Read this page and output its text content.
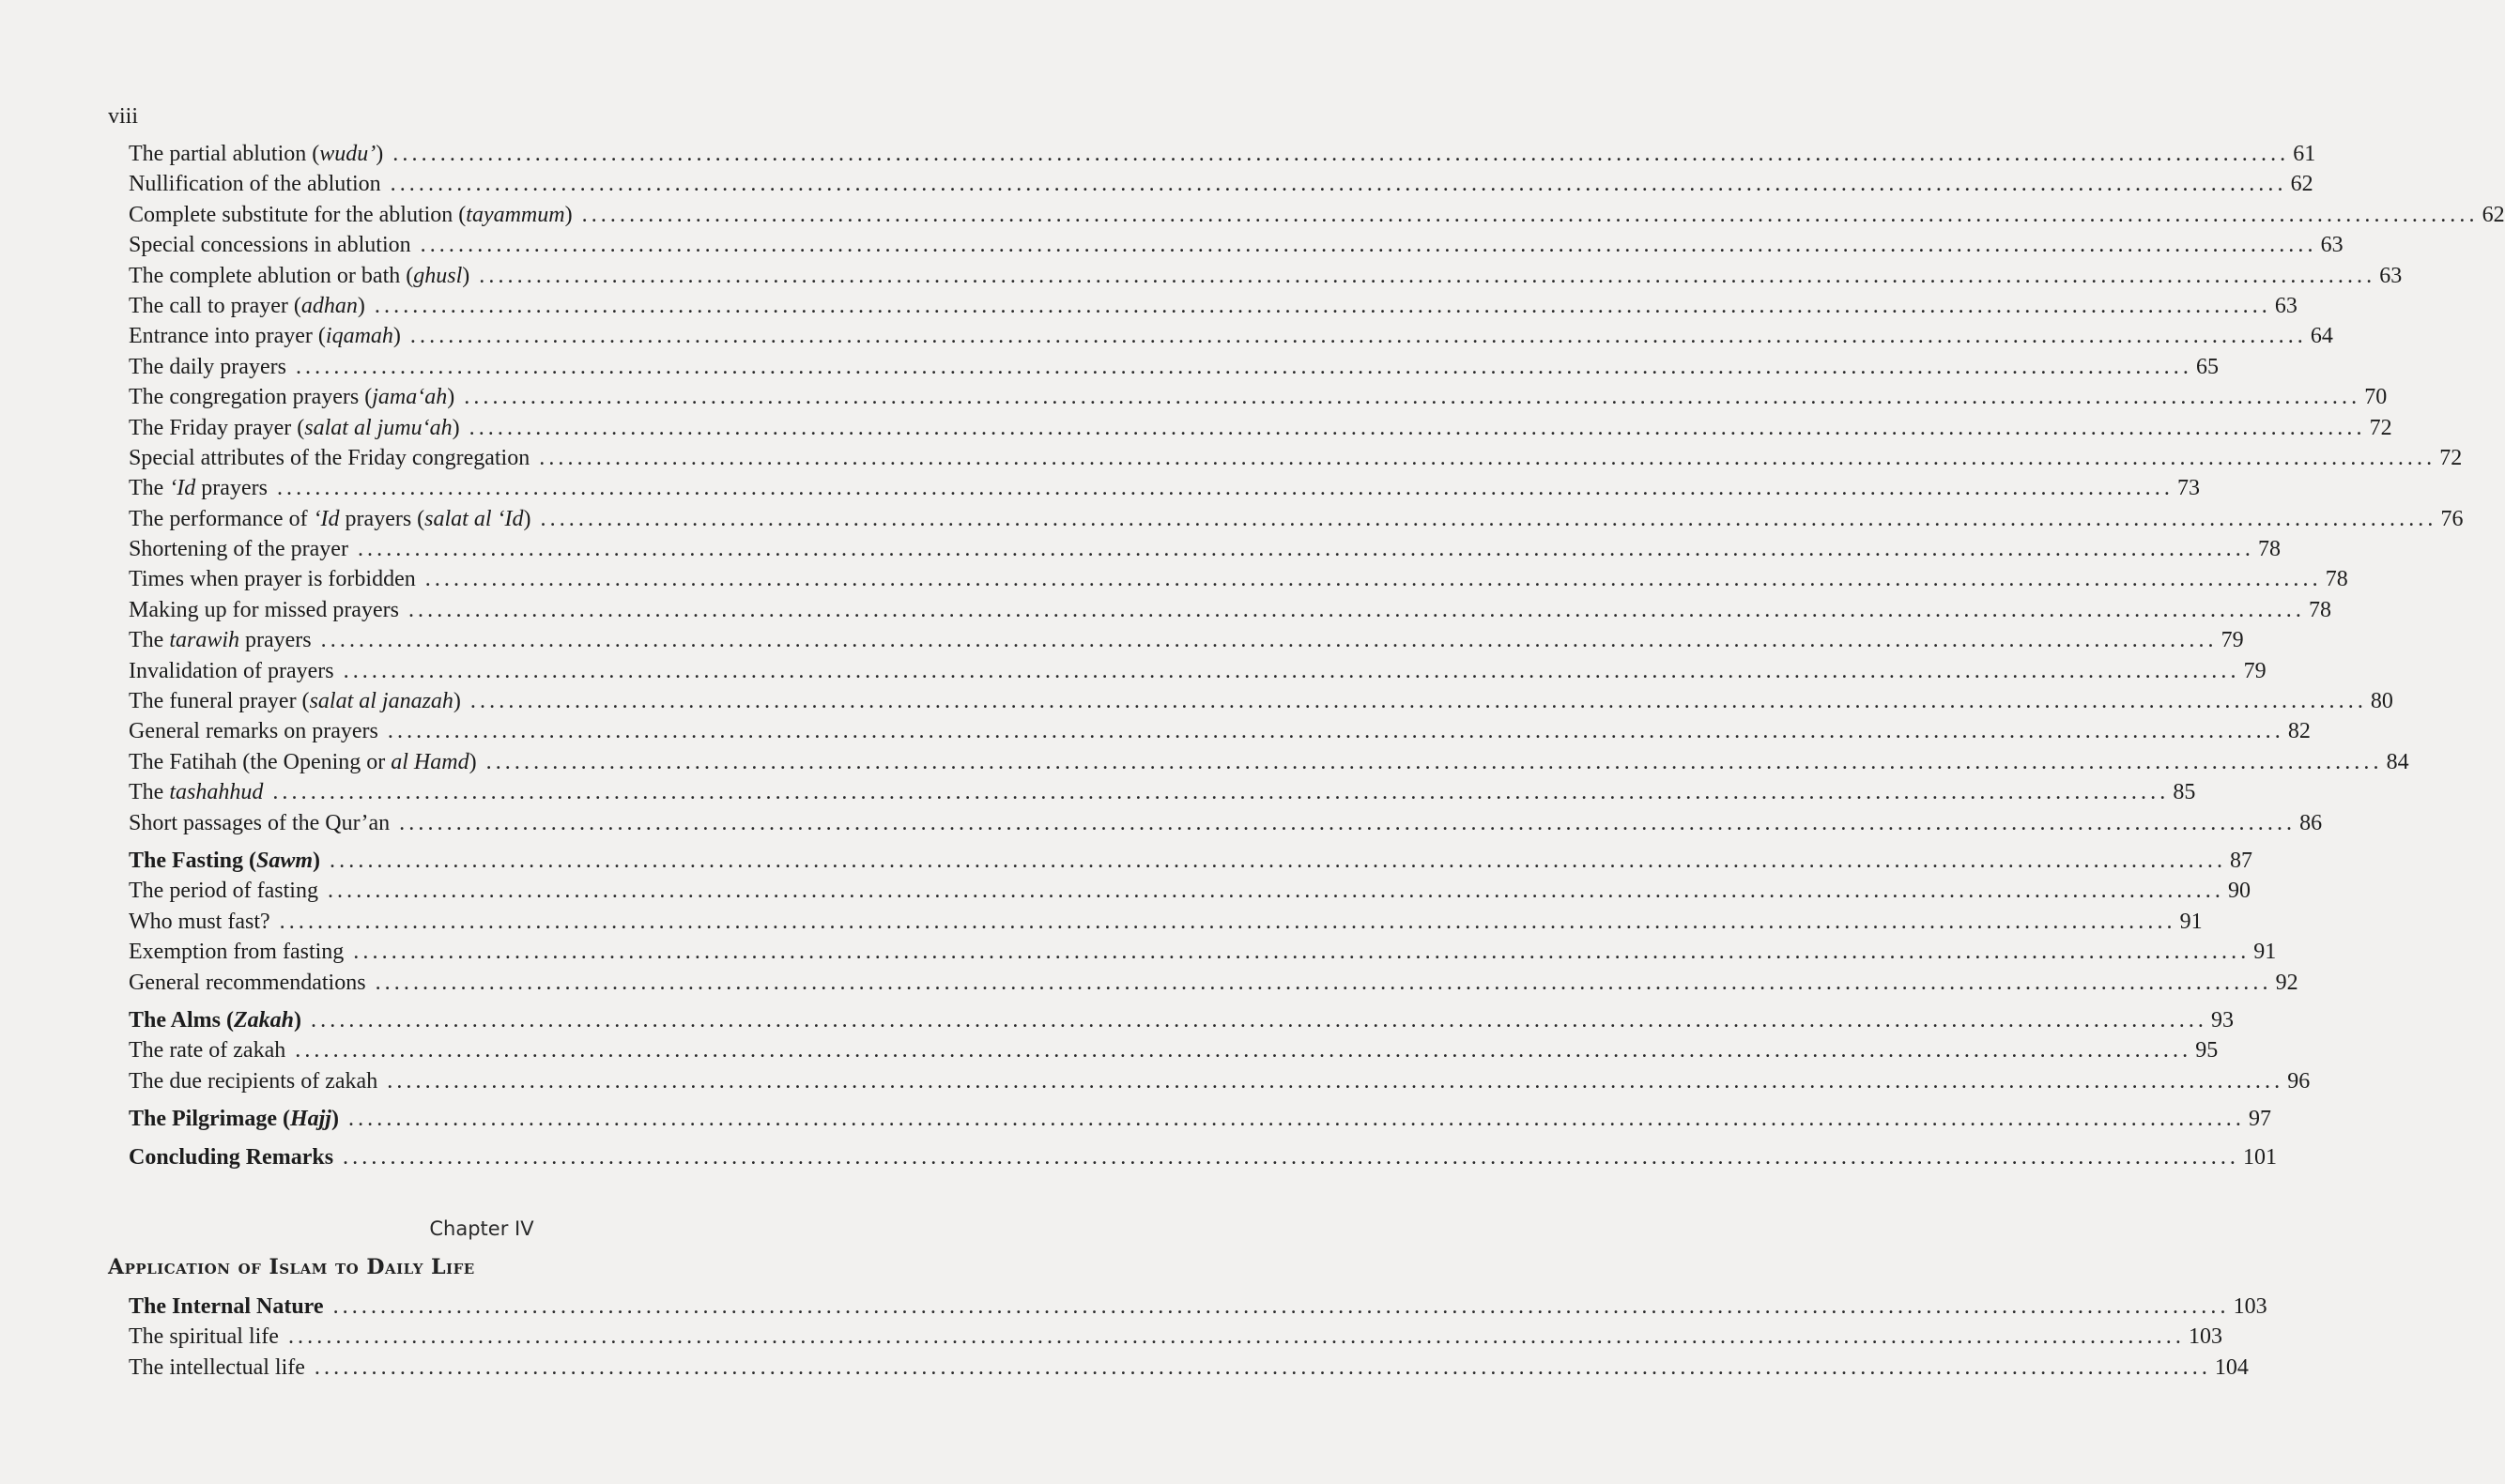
viii
The partial ablution (wudu’) ........................................................................................................................................................................................................ 61
Nullification of the ablution ........................................................................................................................................................................................................ 62
Complete substitute for the ablution (tayammum) ........................................................................................................................................................................................................ 62
Special concessions in ablution ........................................................................................................................................................................................................ 63
The complete ablution or bath (ghusl) ........................................................................................................................................................................................................ 63
The call to prayer (adhan) ........................................................................................................................................................................................................ 63
Entrance into prayer (iqamah) ........................................................................................................................................................................................................ 64
The daily prayers ........................................................................................................................................................................................................ 65
The congregation prayers (jama‘ah) ........................................................................................................................................................................................................ 70
The Friday prayer (salat al jumu‘ah) ........................................................................................................................................................................................................ 72
Special attributes of the Friday congregation ........................................................................................................................................................................................................ 72
The ‘Id prayers ........................................................................................................................................................................................................ 73
The performance of ‘Id prayers (salat al ‘Id) ........................................................................................................................................................................................................ 76
Shortening of the prayer ........................................................................................................................................................................................................ 78
Times when prayer is forbidden ........................................................................................................................................................................................................ 78
Making up for missed prayers ........................................................................................................................................................................................................ 78
The tarawih prayers ........................................................................................................................................................................................................ 79
Invalidation of prayers ........................................................................................................................................................................................................ 79
The funeral prayer (salat al janazah) ........................................................................................................................................................................................................ 80
General remarks on prayers ........................................................................................................................................................................................................ 82
The Fatihah (the Opening or al Hamd) ........................................................................................................................................................................................................ 84
The tashahhud ........................................................................................................................................................................................................ 85
Short passages of the Qur’an ........................................................................................................................................................................................................ 86
The Fasting (Sawm) ........................................................................................................................................................................................................ 87
The period of fasting ........................................................................................................................................................................................................ 90
Who must fast? ........................................................................................................................................................................................................ 91
Exemption from fasting ........................................................................................................................................................................................................ 91
General recommendations ........................................................................................................................................................................................................ 92
The Alms (Zakah) ........................................................................................................................................................................................................ 93
The rate of zakah ........................................................................................................................................................................................................ 95
The due recipients of zakah ........................................................................................................................................................................................................ 96
The Pilgrimage (Hajj) ........................................................................................................................................................................................................ 97
Concluding Remarks ........................................................................................................................................................................................................ 101
Chapter IV
Application of Islam to Daily Life
The Internal Nature ........................................................................................................................................................................................................ 103
The spiritual life ........................................................................................................................................................................................................ 103
The intellectual life ........................................................................................................................................................................................................ 104
